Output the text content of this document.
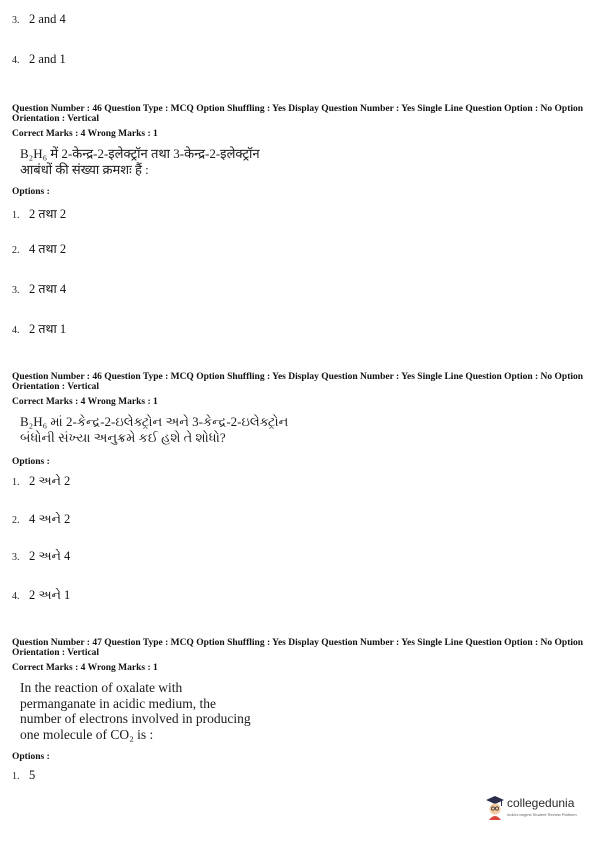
3. 2 and 4
4. 2 and 1
Question Number : 46 Question Type : MCQ Option Shuffling : Yes Display Question Number : Yes Single Line Question Option : No Option Orientation : Vertical
Correct Marks : 4 Wrong Marks : 1
B₂H₆ में 2-केन्द्र-2-इलेक्ट्रॉन तथा 3-केन्द्र-2-इलेक्ट्रॉन
आबंधों की संख्या क्रमशः हैं :
Options :
1. 2 तथा 2
2. 4 तथा 2
3. 2 तथा 4
4. 2 तथा 1
Question Number : 46 Question Type : MCQ Option Shuffling : Yes Display Question Number : Yes Single Line Question Option : No Option Orientation : Vertical
Correct Marks : 4 Wrong Marks : 1
B₂H₆ માં 2-કેન્દ્ર-2-ઇલેક્ટ્રોન અને 3-કેન્દ્ર-2-ઇલેક્ટ્રોન
બંધોની સંખ્યા અનુક્રમે કઈ હશે તે શોધો?
Options :
1. 2 અને 2
2. 4 અને 2
3. 2 અને 4
4. 2 અને 1
Question Number : 47 Question Type : MCQ Option Shuffling : Yes Display Question Number : Yes Single Line Question Option : No Option Orientation : Vertical
Correct Marks : 4 Wrong Marks : 1
In the reaction of oxalate with
permanganate in acidic medium, the
number of electrons involved in producing
one molecule of CO₂ is :
Options :
1. 5
collegedunia
India's largest Student Review Platform
